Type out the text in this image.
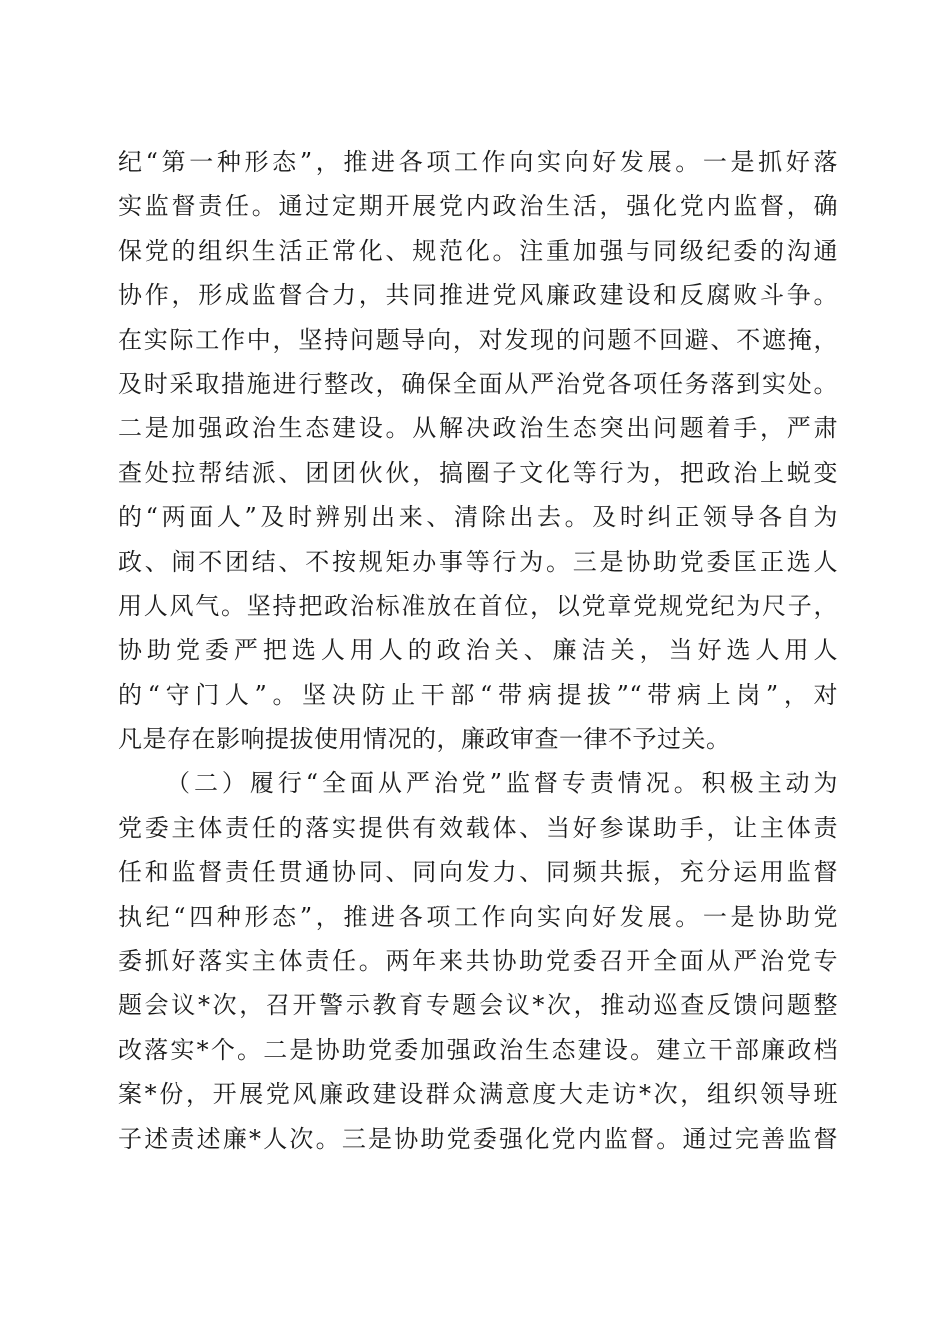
纪“第一种形态”，推进各项工作向实向好发展。一是抓好落
实监督责任。通过定期开展党内政治生活，强化党内监督，确
保党的组织生活正常化、规范化。注重加强与同级纪委的沟通
协作，形成监督合力，共同推进党风廉政建设和反腐败斗争。
在实际工作中，坚持问题导向，对发现的问题不回避、不遮掩，
及时采取措施进行整改，确保全面从严治党各项任务落到实处。
二是加强政治生态建设。从解决政治生态突出问题着手，严肃
查处拉帮结派、团团伙伙，搞圈子文化等行为，把政治上蜕变
的“两面人”及时辨别出来、清除出去。及时纠正领导各自为
政、闹不团结、不按规矩办事等行为。三是协助党委匡正选人
用人风气。坚持把政治标准放在首位，以党章党规党纪为尺子，
协助党委严把选人用人的政治关、廉洁关，当好选人用人
的“守门人”。坚决防止干部“带病提拔”“带病上岗”，对
凡是存在影响提拔使用情况的，廉政审查一律不予过关。
（二）履行“全面从严治党”监督专责情况。积极主动为
党委主体责任的落实提供有效载体、当好参谋助手，让主体责
任和监督责任贯通协同、同向发力、同频共振，充分运用监督
执纪“四种形态”，推进各项工作向实向好发展。一是协助党
委抓好落实主体责任。两年来共协助党委召开全面从严治党专
题会议*次，召开警示教育专题会议*次，推动巡查反馈问题整
改落实*个。二是协助党委加强政治生态建设。建立干部廉政档
案*份，开展党风廉政建设群众满意度大走访*次，组织领导班
子述责述廉*人次。三是协助党委强化党内监督。通过完善监督
